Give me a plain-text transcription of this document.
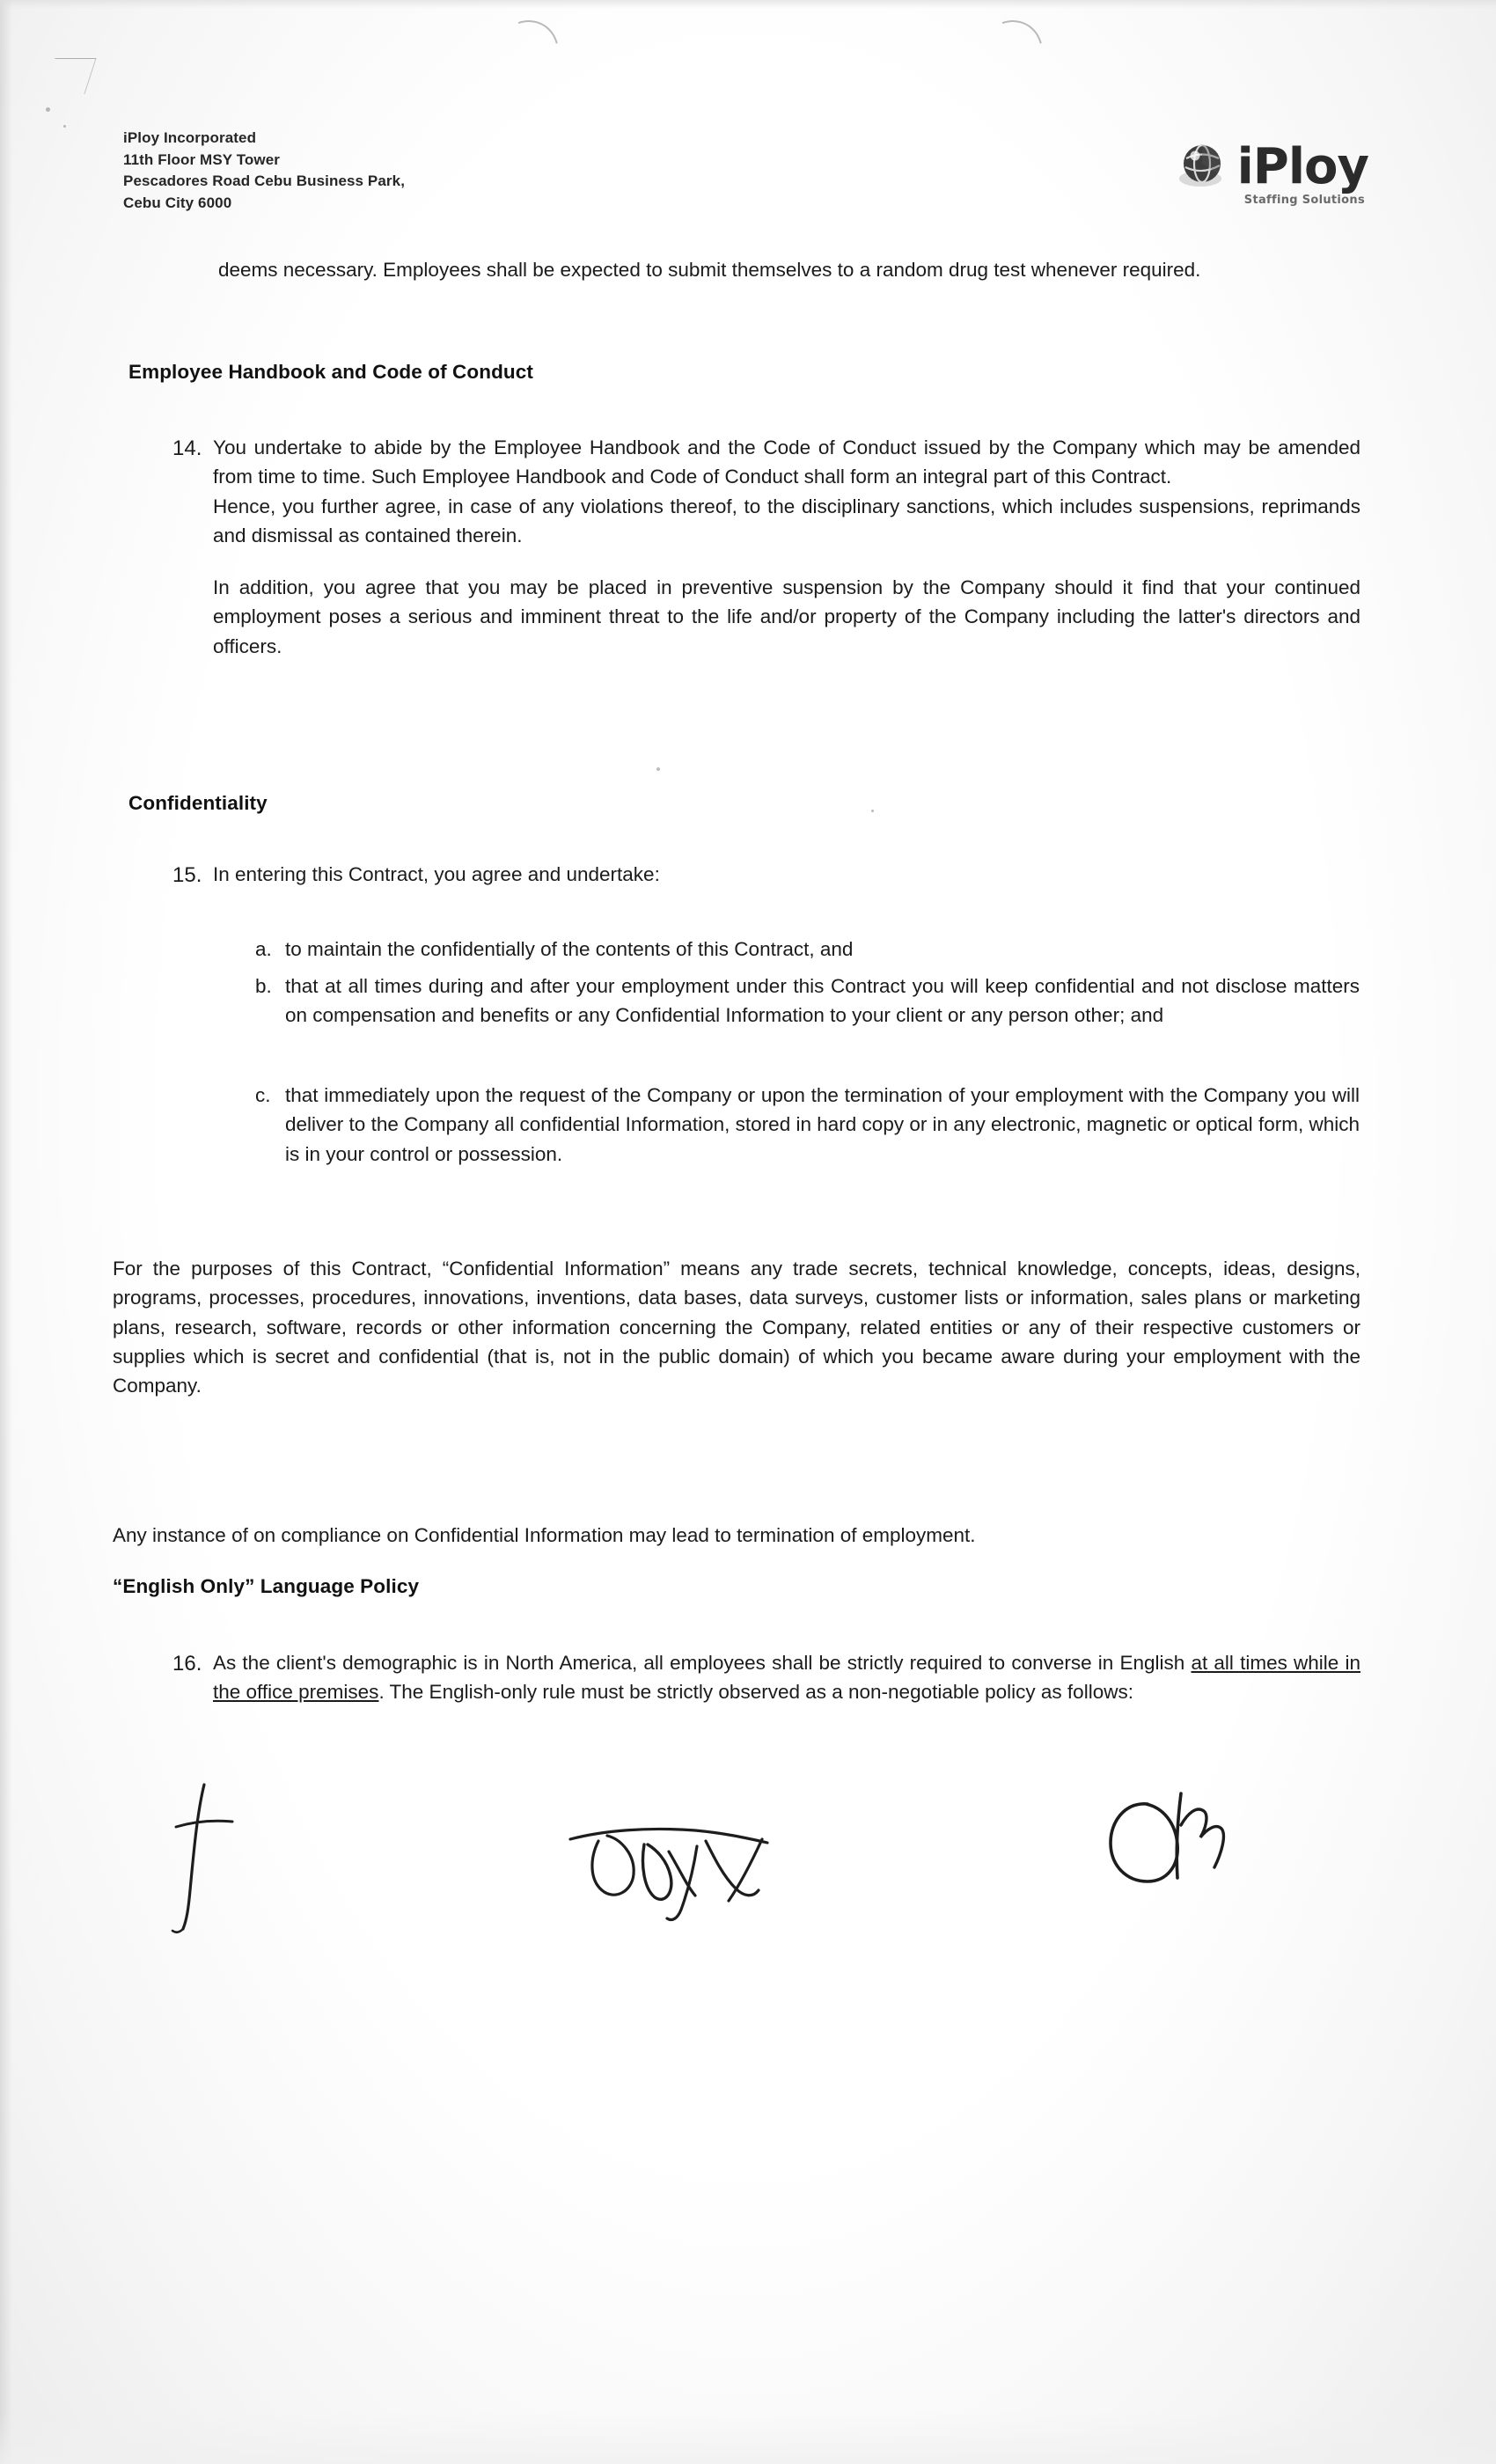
iPloy Incorporated
11th Floor MSY Tower
Pescadores Road Cebu Business Park,
Cebu City 6000
iPloy
Staffing Solutions

deems necessary. Employees shall be expected to submit themselves to a random drug test whenever required.

Employee Handbook and Code of Conduct
14. You undertake to abide by the Employee Handbook and the Code of Conduct issued by the Company which may be amended from time to time. Such Employee Handbook and Code of Conduct shall form an integral part of this Contract.

Hence, you further agree, in case of any violations thereof, to the disciplinary sanctions, which includes suspensions, reprimands and dismissal as contained therein.

In addition, you agree that you may be placed in preventive suspension by the Company should it find that your continued employment poses a serious and imminent threat to the life and/or property of the Company including the latter's directors and officers.

Confidentiality
15. In entering this Contract, you agree and undertake:

a. to maintain the confidentially of the contents of this Contract, and

b. that at all times during and after your employment under this Contract you will keep confidential and not disclose matters on compensation and benefits or any Confidential Information to your client or any person other; and

c. that immediately upon the request of the Company or upon the termination of your employment with the Company you will deliver to the Company all confidential Information, stored in hard copy or in any electronic, magnetic or optical form, which is in your control or possession.

For the purposes of this Contract, “Confidential Information” means any trade secrets, technical knowledge, concepts, ideas, designs, programs, processes, procedures, innovations, inventions, data bases, data surveys, customer lists or information, sales plans or marketing plans, research, software, records or other information concerning the Company, related entities or any of their respective customers or supplies which is secret and confidential (that is, not in the public domain) of which you became aware during your employment with the Company.

Any instance of on compliance on Confidential Information may lead to termination of employment.

“English Only” Language Policy
16. As the client's demographic is in North America, all employees shall be strictly required to converse in English at all times while in the office premises. The English-only rule must be strictly observed as a non-negotiable policy as follows:
